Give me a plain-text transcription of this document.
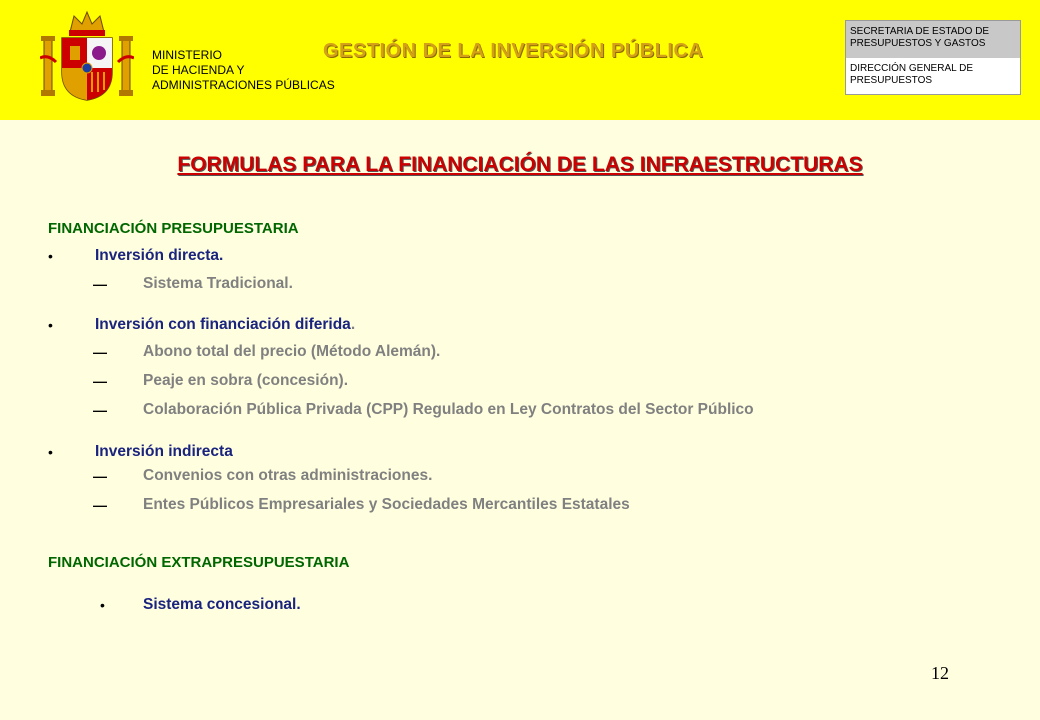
MINISTERIO
DE HACIENDA Y
ADMINISTRACIONES PÚBLICAS
GESTIÓN DE LA INVERSIÓN PÚBLICA
SECRETARIA DE ESTADO DE PRESUPUESTOS Y GASTOS
DIRECCIÓN GENERAL DE PRESUPUESTOS
FORMULAS PARA LA FINANCIACIÓN DE LAS INFRAESTRUCTURAS
FINANCIACIÓN PRESUPUESTARIA
•	Inversión directa.
— Sistema Tradicional.
•	Inversión con financiación diferida.
— Abono total del precio (Método Alemán).
— Peaje en sobra (concesión).
— Colaboración Pública Privada (CPP) Regulado en Ley Contratos del Sector Público
•	Inversión indirecta
— Convenios con otras administraciones.
— Entes Públicos Empresariales y Sociedades Mercantiles Estatales
FINANCIACIÓN EXTRAPRESUPUESTARIA
• Sistema concesional.
12
